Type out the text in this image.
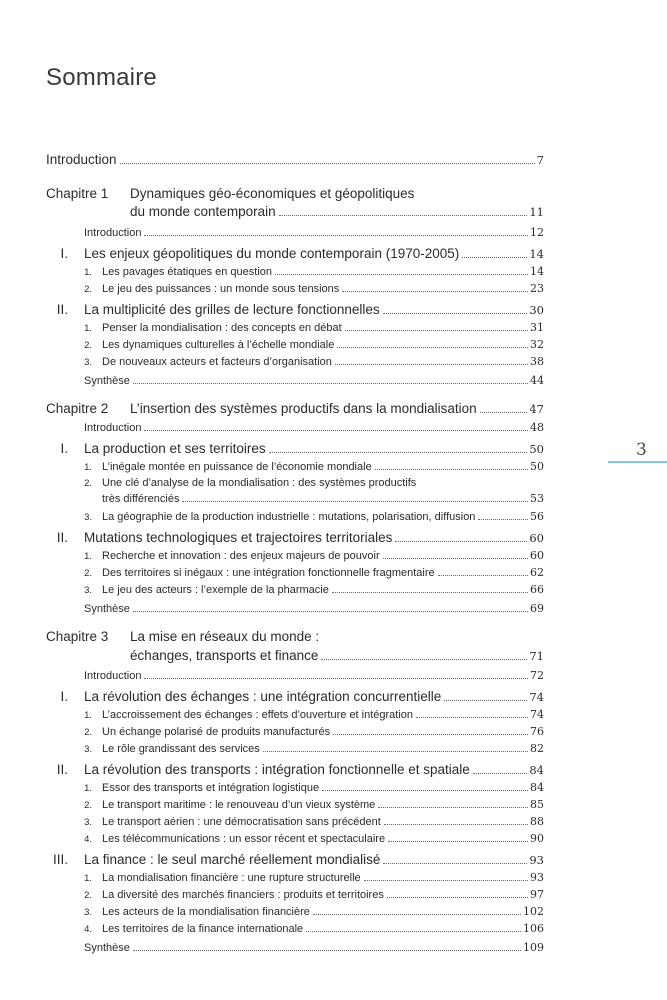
Sommaire
Introduction	7
Chapitre 1	Dynamiques géo-économiques et géopolitiques
du monde contemporain	11
Introduction	12
I. Les enjeux géopolitiques du monde contemporain (1970-2005)	14
1. Les pavages étatiques en question	14
2. Le jeu des puissances : un monde sous tensions	23
II. La multiplicité des grilles de lecture fonctionnelles	30
1. Penser la mondialisation : des concepts en débat	31
2. Les dynamiques culturelles à l’échelle mondiale	32
3. De nouveaux acteurs et facteurs d’organisation	38
Synthèse	44
Chapitre 2	L’insertion des systèmes productifs dans la mondialisation	47
Introduction	48
I. La production et ses territoires	50
1. L’inégale montée en puissance de l’économie mondiale	50
2. Une clé d’analyse de la mondialisation : des systèmes productifs
très différenciés	53
3. La géographie de la production industrielle : mutations, polarisation, diffusion	56
II. Mutations technologiques et trajectoires territoriales	60
1. Recherche et innovation : des enjeux majeurs de pouvoir	60
2. Des territoires si inégaux : une intégration fonctionnelle fragmentaire	62
3. Le jeu des acteurs : l’exemple de la pharmacie	66
Synthèse	69
Chapitre 3	La mise en réseaux du monde :
échanges, transports et finance	71
Introduction	72
I. La révolution des échanges : une intégration concurrentielle	74
1. L’accroissement des échanges : effets d’ouverture et intégration	74
2. Un échange polarisé de produits manufacturés	76
3. Le rôle grandissant des services	82
II. La révolution des transports : intégration fonctionnelle et spatiale	84
1. Essor des transports et intégration logistique	84
2. Le transport maritime : le renouveau d’un vieux système	85
3. Le transport aérien : une démocratisation sans précédent	88
4. Les télécommunications : un essor récent et spectaculaire	90
III. La finance : le seul marché réellement mondialisé	93
1. La mondialisation financière : une rupture structurelle	93
2. La diversité des marchés financiers : produits et territoires	97
3. Les acteurs de la mondialisation financière	102
4. Les territoires de la finance internationale	106
Synthèse	109
3
